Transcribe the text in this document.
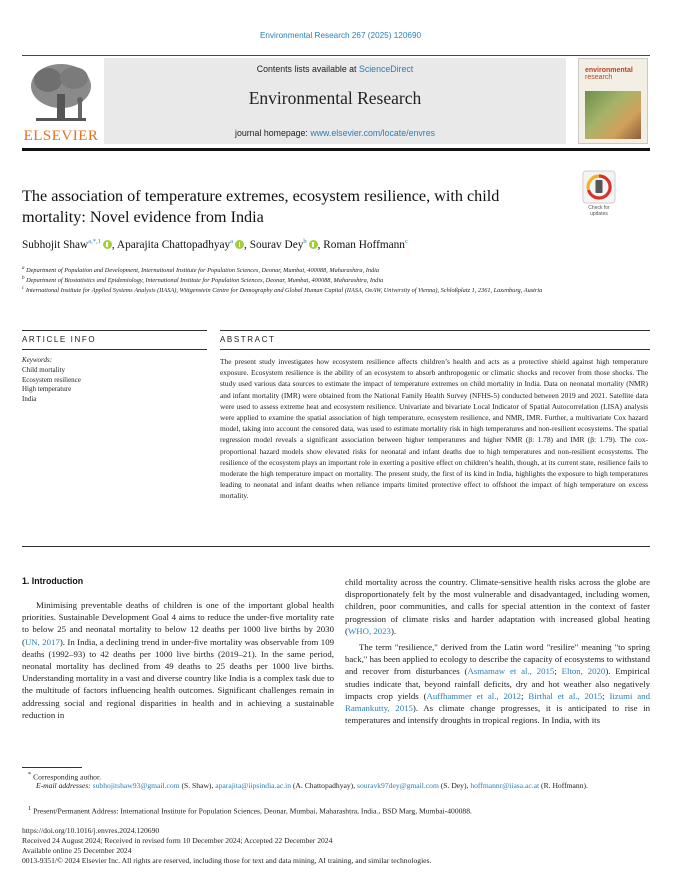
Environmental Research 267 (2025) 120690
ELSEVIER
Contents lists available at ScienceDirect
Environmental Research
journal homepage: www.elsevier.com/locate/envres
environmental
research
The association of temperature extremes, ecosystem resilience, with child mortality: Novel evidence from India	Check for
updates
Subhojit Shaw$^{a,*,1}$ , Aparajita Chattopadhyay$^a$ , Sourav Dey$^b$ , Roman Hoffmann$^c$
$^a$ Department of Population and Development, International Institute for Population Sciences, Deonar, Mumbai, 400088, Maharashtra, India
$^b$ Department of Biostatistics and Epidemiology, International Institute for Population Sciences, Deonar, Mumbai, 400088, Maharashtra, India
$^c$ International Institute for Applied Systems Analysis (IIASA), Wittgenstein Centre for Demography and Global Human Capital (IIASA, OeAW, University of Vienna), Schloßplatz 1, 2361, Laxenburg, Austria
ARTICLE INFO	ABSTRACT
Keywords:
Child mortality
Ecosystem resilience
High temperature
India
The present study investigates how ecosystem resilience affects children’s health and acts as a protective shield against high temperature exposure. Ecosystem resilience is the ability of an ecosystem to absorb anthropogenic or climatic shocks and recover from those shocks. The study used various data sources to estimate the impact of temperature extremes on child mortality in India. Data on neonatal mortality (NMR) and infant mortality (IMR) were obtained from the National Family Health Survey (NFHS-5) conducted between 2019 and 2021. Satellite data were used to assess extreme heat and ecosystem resilience. Univariate and bivariate Local Indicator of Spatial Autocorrelation (LISA) analysis were applied to examine the spatial association of high temperature, ecosystem resilience, and NMR, IMR. Further, a multivariate Cox hazard model, taking into account the censored data, was used to estimate mortality risk in high temperatures and non-resilient ecosystems. The spatial regression model reveals a significant association between higher temperatures and higher NMR (β: 1.78) and IMR (β: 1.79). The cox-proportional hazard models show elevated risks for neonatal and infant deaths due to high temperatures and non-resilient ecosystems. The resilience of the ecosystem plays an important role in exerting a positive effect on children’s health, though, at its current state, resilience fails to moderate the high temperature impact on mortality. The present study, the first of its kind in India, highlights the exposure to high temperatures leading to neonatal and infant deaths when reliance imparts limited protective effect to offshoot the impact of high temperature on excess mortality.
1. Introduction
Minimising preventable deaths of children is one of the important global health priorities. Sustainable Development Goal 4 aims to reduce the under-five mortality rate to below 25 and neonatal mortality to below 12 deaths per 1000 live births by 2030 (UN, 2017). In India, a declining trend in under-five mortality was observable from 109 deaths (1992–93) to 42 deaths per 1000 live births (2019–21). In the same period, neonatal mortality has declined from 49 deaths to 25 deaths per 1000 live births. Understanding mortality in a vast and diverse country like India is a complex task due to the multitude of factors influencing health outcomes. Significant challenges remain in addressing social and regional disparities in health and in achieving a sustainable reduction in
child mortality across the country. Climate-sensitive health risks across the globe are disproportionately felt by the most vulnerable and disadvantaged, including women, children, poor communities, and calls for special attention in the context of faster progression of climate risks and harder adaptation with increased global heating (WHO, 2023).
The term "resilience," derived from the Latin word "resilire" meaning "to spring back," has been applied to ecology to describe the capacity of ecosystems to withstand and recover from disturbances (Asmamaw et al., 2015; Elton, 2020). Empirical studies indicate that, beyond rainfall deficits, dry and hot weather also negatively impacts crop yields (Auffhammer et al., 2012; Birthal et al., 2015; Iizumi and Ramankutty, 2015). As climate change progresses, it is anticipated to rise in temperatures and intensify droughts in tropical regions. In India, with its
* Corresponding author.
E-mail addresses: subhojitshaw93@gmail.com (S. Shaw), aparajita@iipsindia.ac.in (A. Chattopadhyay), souravk97dey@gmail.com (S. Dey), hoffmannr@iiasa.ac.at (R. Hoffmann).
$^1$ Present/Permanent Address: International Institute for Population Sciences, Deonar, Mumbai, Maharashtra, India., BSD Marg, Mumbai-400088.
https://doi.org/10.1016/j.envres.2024.120690
Received 24 August 2024; Received in revised form 10 December 2024; Accepted 22 December 2024
Available online 25 December 2024
0013-9351/© 2024 Elsevier Inc. All rights are reserved, including those for text and data mining, AI training, and similar technologies.
